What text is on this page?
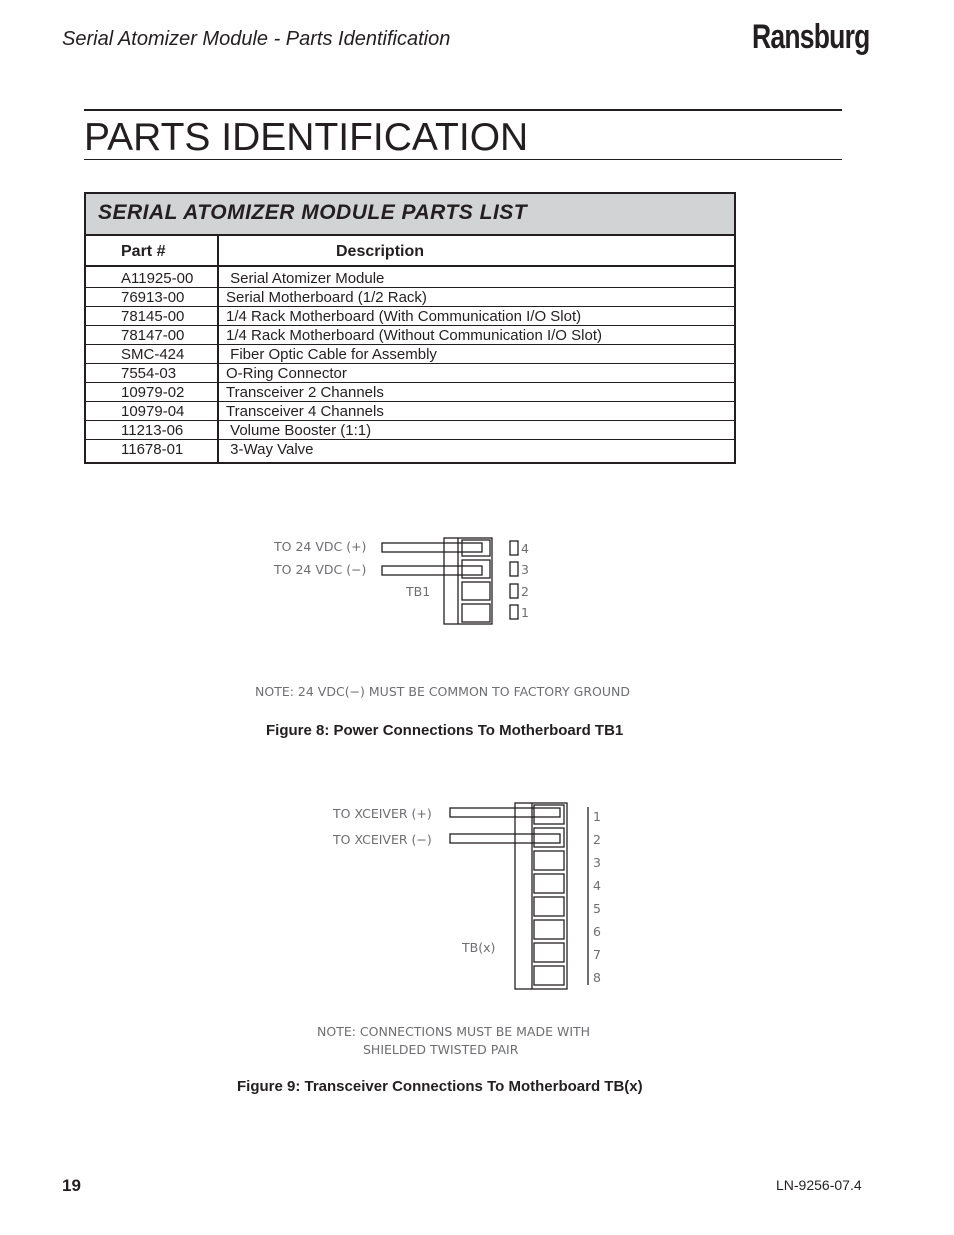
Serial Atomizer Module - Parts Identification	Ransburg
PARTS IDENTIFICATION
SERIAL ATOMIZER MODULE PARTS LIST
Part #	Description
A11925-00 Serial Atomizer Module
76913-00	Serial Motherboard (1/2 Rack)
78145-00	1/4 Rack Motherboard (With Communication I/O Slot)
78147-00	1/4 Rack Motherboard (Without Communication I/O Slot)
SMC-424	Fiber Optic Cable for Assembly
7554-03	O-Ring Connector
10979-02	Transceiver 2 Channels
10979-04	Transceiver 4 Channels
11213-06	Volume Booster (1:1)
11678-01	3-Way Valve
TO 24 VDC (+)
TO 24 VDC (−)
TB1
4
3
2
1
NOTE: 24 VDC(−) MUST BE COMMON TO FACTORY GROUND
Figure 8: Power Connections To Motherboard TB1
TO XCEIVER (+)
TO XCEIVER (−)
TB(x)
1
2
3
4
5
6
7
8
NOTE: CONNECTIONS MUST BE MADE WITH
SHIELDED TWISTED PAIR
Figure 9: Transceiver Connections To Motherboard TB(x)
19	LN-9256-07.4
